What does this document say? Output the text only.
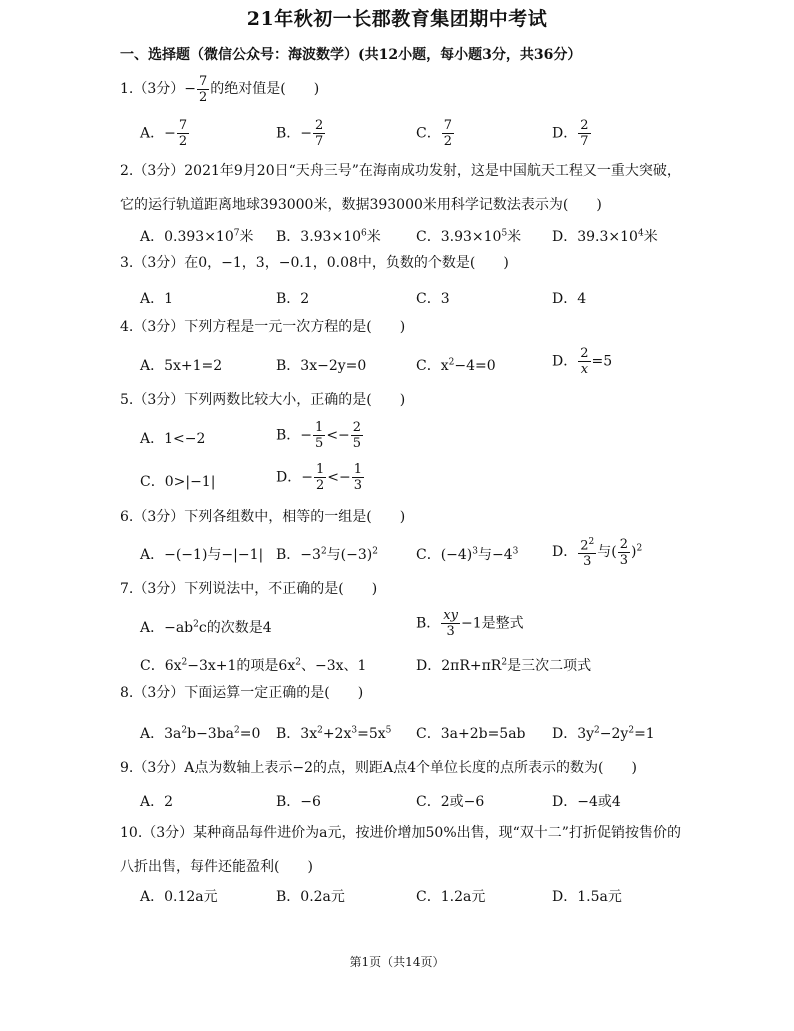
21年秋初一长郡教育集团期中考试
一、选择题（微信公众号：海波数学）(共12小题，每小题3分，共36分）
1.（3分）− $\frac{7}{2}$ 的绝对值是(　　)
A．− $\frac{7}{2}$	B．− $\frac{2}{7}$	C． $\frac{7}{2}$	D． $\frac{2}{7}$
2.（3分）2021年9月20日“天舟三号”在海南成功发射，这是中国航天工程又一重大突破，它的运行轨道距离地球393000米，数据393000米用科学记数法表示为(　　)
A．$0.393\times 10^7$米 B．$3.93\times 10^6$米	C．$3.93\times 10^5$米 D．$39.3\times 10^4$米
3.（3分）在0，−1，3，−0.1，0.08中，负数的个数是(　　)
A．1	B．2	C．3	D．4
4.（3分）下列方程是一元一次方程的是(　　)
A．5x+1=2	B．3x−2y=0	C．$x^2-4=0$	D． $\frac{2}{x} =5$
5.（3分）下列两数比较大小，正确的是(　　)
A．1<−2	B．− $\frac{1}{5} <- \frac{2}{5}$
C．0>|−1|	D．− $\frac{1}{2} <- \frac{1}{3}$
6.（3分）下列各组数中，相等的一组是(　　)
A．−(−1)与−|−1| B．$-3^2$与$(-3)^2$	C．$(-4)^3$与$-4^3$ D． $\frac{2^2}{3}$ 与( $\frac{2}{3} )^2$
7.（3分）下列说法中，不正确的是(　　)
A．$-ab^2c$的次数是4	B． $\frac{xy}{3} -1$是整式
C．$6x^2-3x+1$的项是$6x^2$、−3x、1	D．$2\pi R+\pi R^2$是三次二项式
8.（3分）下面运算一定正确的是(　　)
A．$3a^2b-3ba^2=0$ B．$3x^2+2x^3=5x^5$ C．3a+2b=5ab D．$3y^2-2y^2=1$
9.（3分）A点为数轴上表示−2的点，则距A点4个单位长度的点所表示的数为(　　)
A．2	B．−6	C．2或−6	D．−4或4
10.（3分）某种商品每件进价为a元，按进价增加50%出售，现“双十二”打折促销按售价的八折出售，每件还能盈利(　　)
A．0.12a元	B．0.2a元	C．1.2a元	D．1.5a元
第1页（共14页）
